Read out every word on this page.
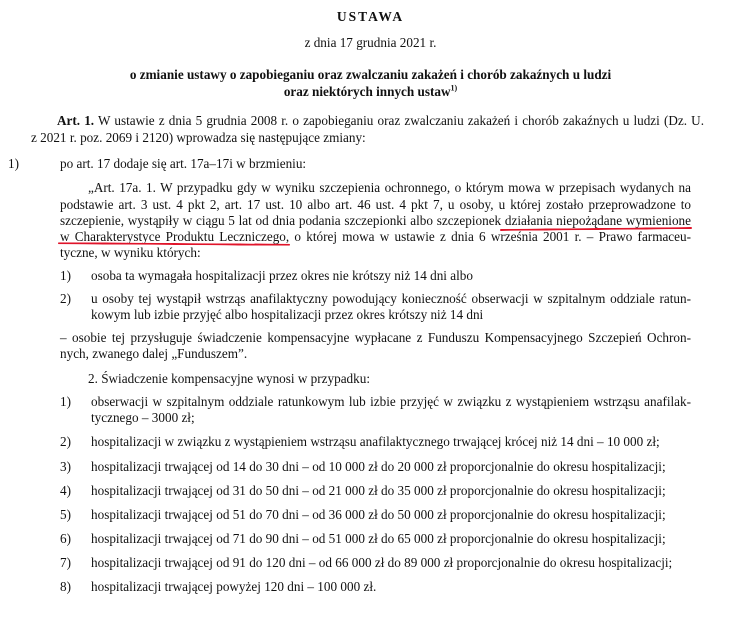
USTAWA
z dnia 17 grudnia 2021 r.
o zmianie ustawy o zapobieganiu oraz zwalczaniu zakażeń i chorób zakaźnych u ludzi
oraz niektórych innych ustaw$^{1)}$
Art. 1. W ustawie z dnia 5 grudnia 2008 r. o zapobieganiu oraz zwalczaniu zakażeń i chorób zakaźnych u ludzi (Dz. U.
z 2021 r. poz. 2069 i 2120) wprowadza się następujące zmiany:
1)	po art. 17 dodaje się art. 17a–17i w brzmieniu:
„Art. 17a. 1. W przypadku gdy w wyniku szczepienia ochronnego, o którym mowa w przepisach wydanych na
podstawie art. 3 ust. 4 pkt 2, art. 17 ust. 10 albo art. 46 ust. 4 pkt 7, u osoby, u której zostało przeprowadzone to
szczepienie, wystąpiły w ciągu 5 lat od dnia podania szczepionki albo szczepionek działania niepożądane wymienione
w Charakterystyce Produktu Leczniczego, o której mowa w ustawie z dnia 6 września 2001 r. – Prawo farmaceu-
tyczne, w wyniku których:
1) osoba ta wymagała hospitalizacji przez okres nie krótszy niż 14 dni albo
2) u osoby tej wystąpił wstrząs anafilaktyczny powodujący konieczność obserwacji w szpitalnym oddziale ratun-
kowym lub izbie przyjęć albo hospitalizacji przez okres krótszy niż 14 dni
– osobie tej przysługuje świadczenie kompensacyjne wypłacane z Funduszu Kompensacyjnego Szczepień Ochron-
nych, zwanego dalej „Funduszem”.
2. Świadczenie kompensacyjne wynosi w przypadku:
1) obserwacji w szpitalnym oddziale ratunkowym lub izbie przyjęć w związku z wystąpieniem wstrząsu anafilak-
tycznego – 3000 zł;
2) hospitalizacji w związku z wystąpieniem wstrząsu anafilaktycznego trwającej krócej niż 14 dni – 10 000 zł;
3) hospitalizacji trwającej od 14 do 30 dni – od 10 000 zł do 20 000 zł proporcjonalnie do okresu hospitalizacji;
4) hospitalizacji trwającej od 31 do 50 dni – od 21 000 zł do 35 000 zł proporcjonalnie do okresu hospitalizacji;
5) hospitalizacji trwającej od 51 do 70 dni – od 36 000 zł do 50 000 zł proporcjonalnie do okresu hospitalizacji;
6) hospitalizacji trwającej od 71 do 90 dni – od 51 000 zł do 65 000 zł proporcjonalnie do okresu hospitalizacji;
7) hospitalizacji trwającej od 91 do 120 dni – od 66 000 zł do 89 000 zł proporcjonalnie do okresu hospitalizacji;
8) hospitalizacji trwającej powyżej 120 dni – 100 000 zł.
